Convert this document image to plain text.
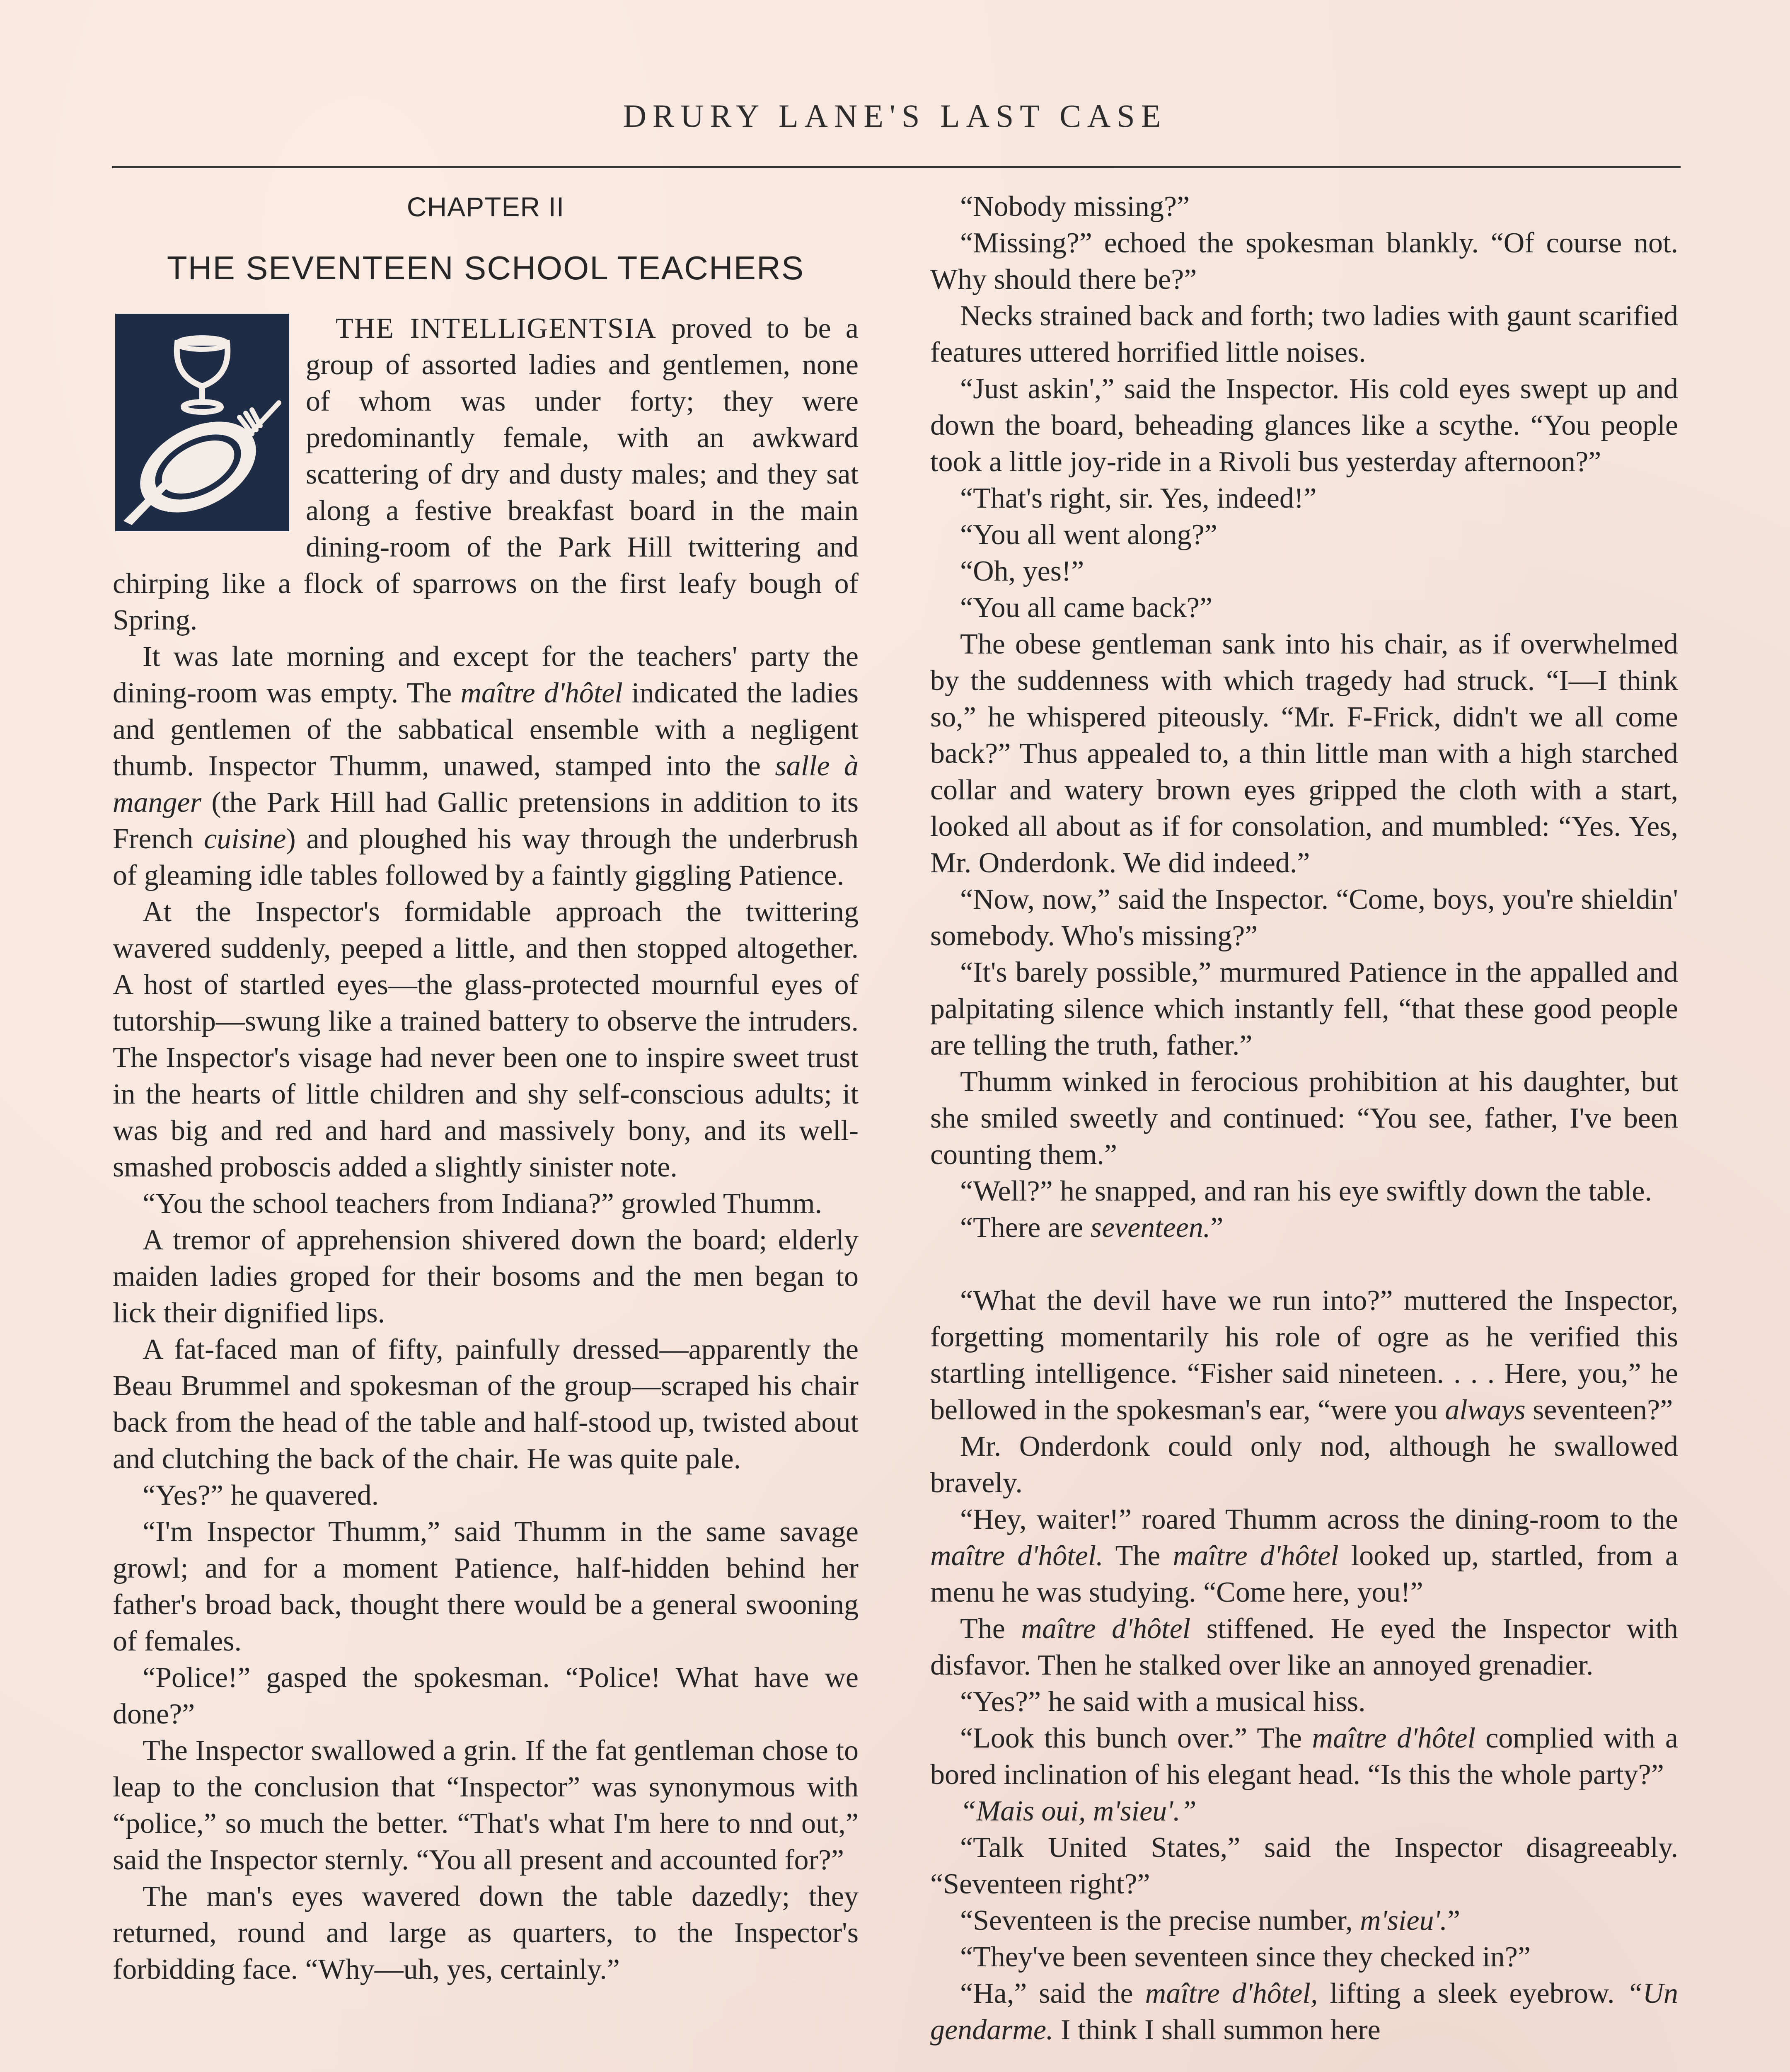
DRURY LANE'S LAST CASE
CHAPTER II
THE SEVENTEEN SCHOOL TEACHERS

THE INTELLIGENTSIA proved to be a group of assorted ladies and gentlemen, none of whom was under forty; they were predominantly female, with an awkward scattering of dry and dusty males; and they sat along a festive breakfast board in the main dining-room of the Park Hill twittering and chirping like a flock of sparrows on the first leafy bough of Spring.

It was late morning and except for the teachers' party the dining-room was empty. The maître d'hôtel indicated the ladies and gentlemen of the sabbatical ensemble with a negligent thumb. Inspector Thumm, unawed, stamped into the salle à manger (the Park Hill had Gallic pretensions in addition to its French cuisine) and ploughed his way through the underbrush of gleaming idle tables followed by a faintly giggling Patience.

At the Inspector's formidable approach the twittering wavered suddenly, peeped a little, and then stopped altogether. A host of startled eyes—the glass-protected mournful eyes of tutorship—swung like a trained battery to observe the intruders. The Inspector's visage had never been one to inspire sweet trust in the hearts of little children and shy self-conscious adults; it was big and red and hard and massively bony, and its well-smashed proboscis added a slightly sinister note.

“You the school teachers from Indiana?” growled Thumm.

A tremor of apprehension shivered down the board; elderly maiden ladies groped for their bosoms and the men began to lick their dignified lips.

A fat-faced man of fifty, painfully dressed—apparently the Beau Brummel and spokesman of the group—scraped his chair back from the head of the table and half-stood up, twisted about and clutching the back of the chair. He was quite pale.

“Yes?” he quavered.

“I'm Inspector Thumm,” said Thumm in the same savage growl; and for a moment Patience, half-hidden behind her father's broad back, thought there would be a general swooning of females.

“Police!” gasped the spokesman. “Police! What have we done?”

The Inspector swallowed a grin. If the fat gentleman chose to leap to the conclusion that “Inspector” was synonymous with “police,” so much the better. “That's what I'm here to nnd out,” said the Inspector sternly. “You all present and accounted for?”

The man's eyes wavered down the table dazedly; they returned, round and large as quarters, to the Inspector's forbidding face. “Why—uh, yes, certainly.”

“Nobody missing?”

“Missing?” echoed the spokesman blankly. “Of course not. Why should there be?”

Necks strained back and forth; two ladies with gaunt scarified features uttered horrified little noises.

“Just askin',” said the Inspector. His cold eyes swept up and down the board, beheading glances like a scythe. “You people took a little joy-ride in a Rivoli bus yesterday afternoon?”

“That's right, sir. Yes, indeed!”

“You all went along?”

“Oh, yes!”

“You all came back?”

The obese gentleman sank into his chair, as if overwhelmed by the suddenness with which tragedy had struck. “I—I think so,” he whispered piteously. “Mr. F-Frick, didn't we all come back?” Thus appealed to, a thin little man with a high starched collar and watery brown eyes gripped the cloth with a start, looked all about as if for consolation, and mumbled: “Yes. Yes, Mr. Onderdonk. We did indeed.”

“Now, now,” said the Inspector. “Come, boys, you're shieldin' somebody. Who's missing?”

“It's barely possible,” murmured Patience in the appalled and palpitating silence which instantly fell, “that these good people are telling the truth, father.”

Thumm winked in ferocious prohibition at his daughter, but she smiled sweetly and continued: “You see, father, I've been counting them.”

“Well?” he snapped, and ran his eye swiftly down the table.

“There are seventeen.”

“What the devil have we run into?” muttered the Inspector, forgetting momentarily his role of ogre as he verified this startling intelligence. “Fisher said nineteen. . . . Here, you,” he bellowed in the spokesman's ear, “were you always seventeen?”

Mr. Onderdonk could only nod, although he swallowed bravely.

“Hey, waiter!” roared Thumm across the dining-room to the maître d'hôtel. The maître d'hôtel looked up, startled, from a menu he was studying. “Come here, you!”

The maître d'hôtel stiffened. He eyed the Inspector with disfavor. Then he stalked over like an annoyed grenadier.

“Yes?” he said with a musical hiss.

“Look this bunch over.” The maître d'hôtel complied with a bored inclination of his elegant head. “Is this the whole party?”

“Mais oui, m'sieu'.”

“Talk United States,” said the Inspector disagreeably. “Seventeen right?”

“Seventeen is the precise number, m'sieu'.”

“They've been seventeen since they checked in?”

“Ha,” said the maître d'hôtel, lifting a sleek eyebrow. “Un gendarme. I think I shall summon here
